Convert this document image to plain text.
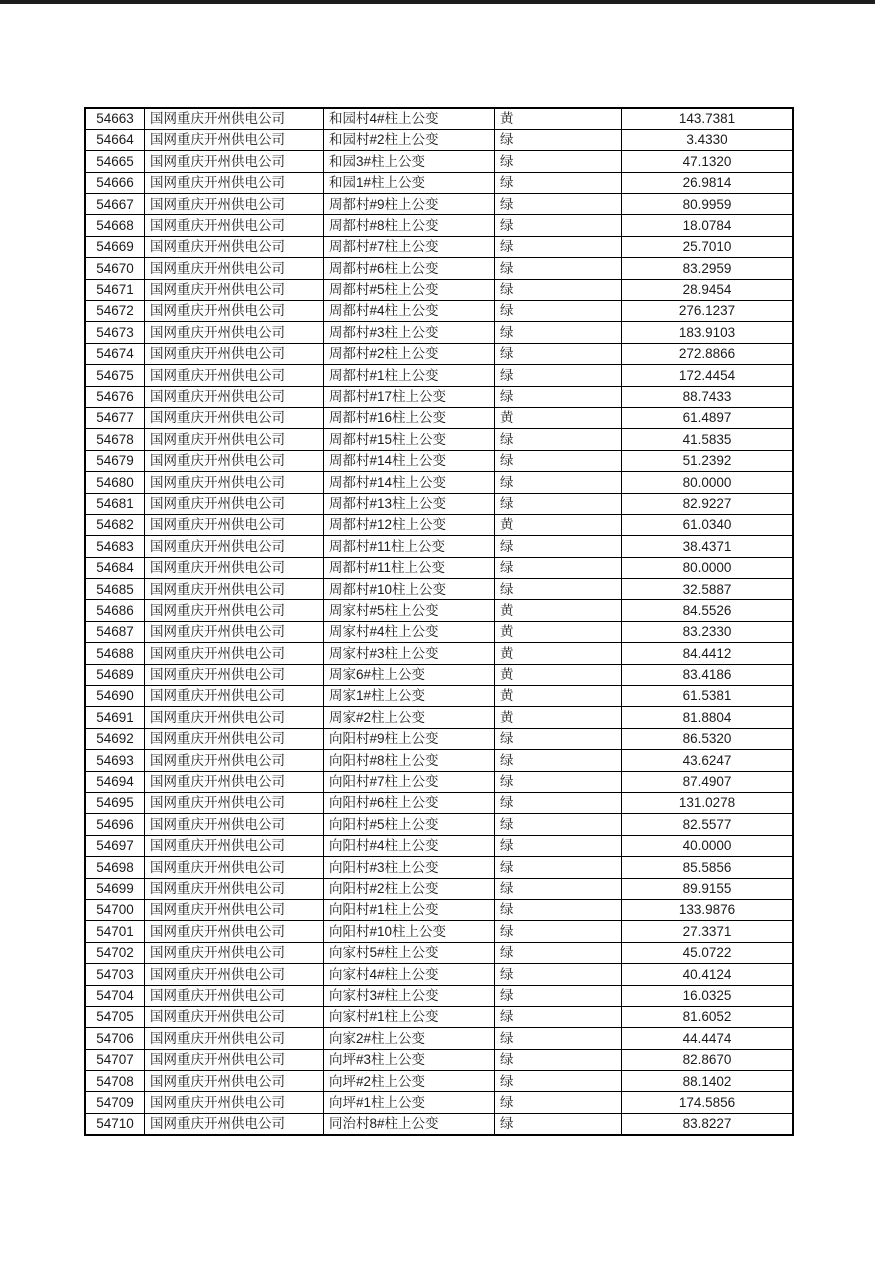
54663	国网重庆开州供电公司	和园村4#柱上公变	黄	143.7381
54664	国网重庆开州供电公司	和园村#2柱上公变	绿	3.4330
54665	国网重庆开州供电公司	和园3#柱上公变	绿	47.1320
54666	国网重庆开州供电公司	和园1#柱上公变	绿	26.9814
54667	国网重庆开州供电公司	周都村#9柱上公变	绿	80.9959
54668	国网重庆开州供电公司	周都村#8柱上公变	绿	18.0784
54669	国网重庆开州供电公司	周都村#7柱上公变	绿	25.7010
54670	国网重庆开州供电公司	周都村#6柱上公变	绿	83.2959
54671	国网重庆开州供电公司	周都村#5柱上公变	绿	28.9454
54672	国网重庆开州供电公司	周都村#4柱上公变	绿	276.1237
54673	国网重庆开州供电公司	周都村#3柱上公变	绿	183.9103
54674	国网重庆开州供电公司	周都村#2柱上公变	绿	272.8866
54675	国网重庆开州供电公司	周都村#1柱上公变	绿	172.4454
54676	国网重庆开州供电公司	周都村#17柱上公变	绿	88.7433
54677	国网重庆开州供电公司	周都村#16柱上公变	黄	61.4897
54678	国网重庆开州供电公司	周都村#15柱上公变	绿	41.5835
54679	国网重庆开州供电公司	周都村#14柱上公变	绿	51.2392
54680	国网重庆开州供电公司	周都村#14柱上公变	绿	80.0000
54681	国网重庆开州供电公司	周都村#13柱上公变	绿	82.9227
54682	国网重庆开州供电公司	周都村#12柱上公变	黄	61.0340
54683	国网重庆开州供电公司	周都村#11柱上公变	绿	38.4371
54684	国网重庆开州供电公司	周都村#11柱上公变	绿	80.0000
54685	国网重庆开州供电公司	周都村#10柱上公变	绿	32.5887
54686	国网重庆开州供电公司	周家村#5柱上公变	黄	84.5526
54687	国网重庆开州供电公司	周家村#4柱上公变	黄	83.2330
54688	国网重庆开州供电公司	周家村#3柱上公变	黄	84.4412
54689	国网重庆开州供电公司	周家6#柱上公变	黄	83.4186
54690	国网重庆开州供电公司	周家1#柱上公变	黄	61.5381
54691	国网重庆开州供电公司	周家#2柱上公变	黄	81.8804
54692	国网重庆开州供电公司	向阳村#9柱上公变	绿	86.5320
54693	国网重庆开州供电公司	向阳村#8柱上公变	绿	43.6247
54694	国网重庆开州供电公司	向阳村#7柱上公变	绿	87.4907
54695	国网重庆开州供电公司	向阳村#6柱上公变	绿	131.0278
54696	国网重庆开州供电公司	向阳村#5柱上公变	绿	82.5577
54697	国网重庆开州供电公司	向阳村#4柱上公变	绿	40.0000
54698	国网重庆开州供电公司	向阳村#3柱上公变	绿	85.5856
54699	国网重庆开州供电公司	向阳村#2柱上公变	绿	89.9155
54700	国网重庆开州供电公司	向阳村#1柱上公变	绿	133.9876
54701	国网重庆开州供电公司	向阳村#10柱上公变	绿	27.3371
54702	国网重庆开州供电公司	向家村5#柱上公变	绿	45.0722
54703	国网重庆开州供电公司	向家村4#柱上公变	绿	40.4124
54704	国网重庆开州供电公司	向家村3#柱上公变	绿	16.0325
54705	国网重庆开州供电公司	向家村#1柱上公变	绿	81.6052
54706	国网重庆开州供电公司	向家2#柱上公变	绿	44.4474
54707	国网重庆开州供电公司	向坪#3柱上公变	绿	82.8670
54708	国网重庆开州供电公司	向坪#2柱上公变	绿	88.1402
54709	国网重庆开州供电公司	向坪#1柱上公变	绿	174.5856
54710	国网重庆开州供电公司	同治村8#柱上公变	绿	83.8227
